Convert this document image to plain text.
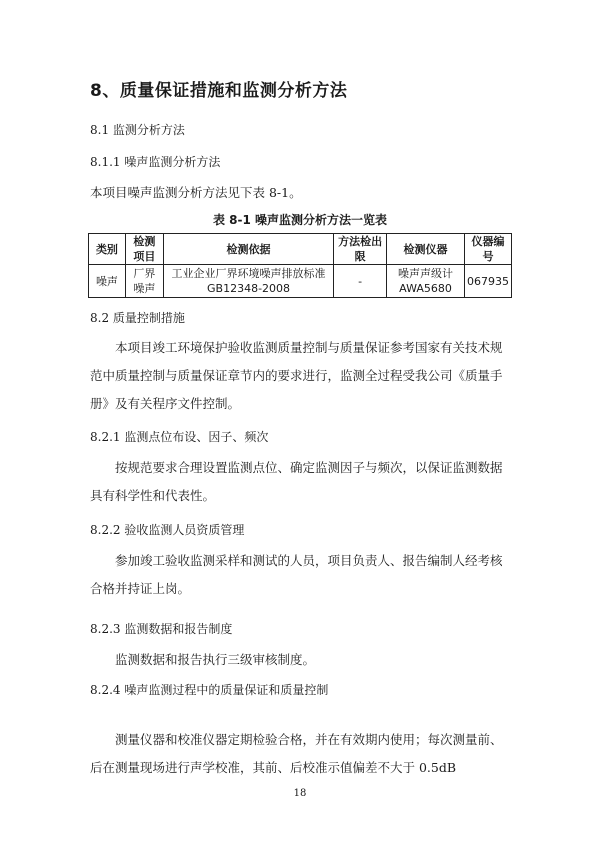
8、质量保证措施和监测分析方法
8.1 监测分析方法
8.1.1 噪声监测分析方法
本项目噪声监测分析方法见下表 8-1。
表 8-1 噪声监测分析方法一览表
类别	检测项目	检测依据	方法检出限	检测仪器	仪器编号
噪声	厂界噪声	工业企业厂界环境噪声排放标准 GB12348-2008	-	噪声声级计 AWA5680	067935
8.2 质量控制措施
本项目竣工环境保护验收监测质量控制与质量保证参考国家有关技术规范中质量控制与质量保证章节内的要求进行，监测全过程受我公司《质量手册》及有关程序文件控制。
8.2.1 监测点位布设、因子、频次
按规范要求合理设置监测点位、确定监测因子与频次，以保证监测数据具有科学性和代表性。
8.2.2 验收监测人员资质管理
参加竣工验收监测采样和测试的人员，项目负责人、报告编制人经考核合格并持证上岗。
8.2.3 监测数据和报告制度
监测数据和报告执行三级审核制度。
8.2.4 噪声监测过程中的质量保证和质量控制
测量仪器和校准仪器定期检验合格，并在有效期内使用；每次测量前、后在测量现场进行声学校准，其前、后校准示值偏差不大于 0.5dB
18
